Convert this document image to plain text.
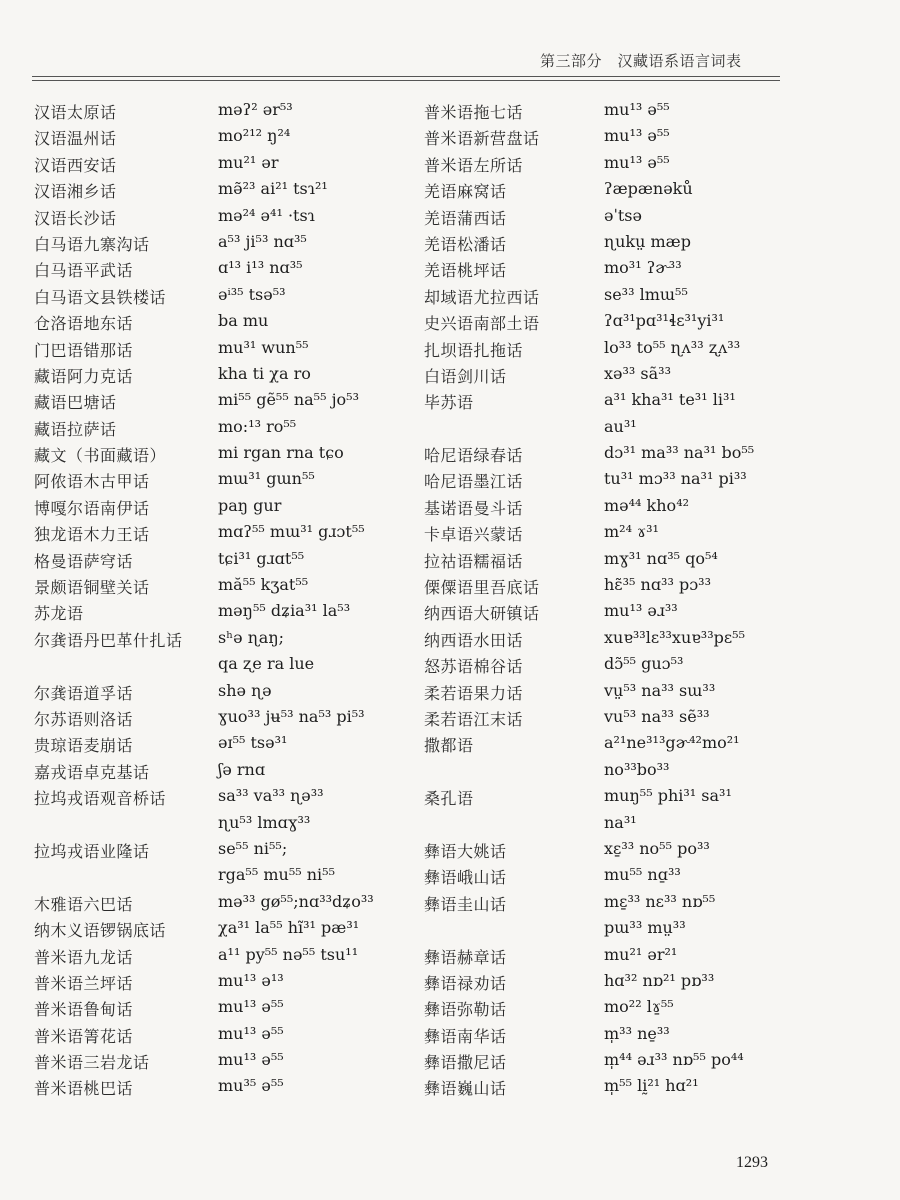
第三部分　汉藏语系语言词表
汉语太原话	məʔ² ər⁵³
汉语温州话	mo²¹² ŋ²⁴
汉语西安话	mu²¹ ər
汉语湘乡话	mə̃²³ ai²¹ tsɿ²¹
汉语长沙话	mə²⁴ ə⁴¹ ·tsɿ
白马语九寨沟话	a⁵³ ji⁵³ nɑ³⁵
白马语平武话	ɑ¹³ i¹³ nɑ³⁵
白马语文县铁楼话	əⁱ³⁵ tsə⁵³
仓洛语地东话	ba mu
门巴语错那话	mu³¹ wun⁵⁵
藏语阿力克话	kha ti χa ro
藏语巴塘话	mi⁵⁵ gẽ⁵⁵ na⁵⁵ jo⁵³
藏语拉萨话	mo:¹³ ro⁵⁵
藏文（书面藏语）	mi rgan rna tɕo
阿侬语木古甲话	mɯ³¹ gɯn⁵⁵
博嘎尔语南伊话	paŋ gur
独龙语木力王话	mɑʔ⁵⁵ mɯ³¹ gɹɔt⁵⁵
格曼语萨穹话	tɕi³¹ gɹɑt⁵⁵
景颇语铜壁关话	mă⁵⁵ kʒat⁵⁵
苏龙语	məŋ⁵⁵ dʑia³¹ la⁵³
尔龚语丹巴革什扎话 sʰə ɳaŋ;
qa ʐe ra lue
尔龚语道孚话	shə ɳə
尔苏语则洛话	ɣuo³³ jʉ⁵³ na⁵³ pi⁵³
贵琼语麦崩话	əɪ⁵⁵ tsə³¹
嘉戎语卓克基话	ʃə rnɑ
拉坞戎语观音桥话	sa³³ va³³ ɳə³³
ɳu⁵³ lmɑɣ³³
拉坞戎语业隆话	se⁵⁵ ni⁵⁵;
rga⁵⁵ mu⁵⁵ ni⁵⁵
木雅语六巴话	mə³³ gø⁵⁵;nɑ³³dʑo³³
纳木义语锣锅底话	χa³¹ la⁵⁵ hĩ³¹ pæ³¹
普米语九龙话	a¹¹ py⁵⁵ nə⁵⁵ tsu¹¹
普米语兰坪话	mu¹³ ə¹³
普米语鲁甸话	mu¹³ ə⁵⁵
普米语箐花话	mu¹³ ə⁵⁵
普米语三岩龙话	mu¹³ ə⁵⁵
普米语桃巴话	mu³⁵ ə⁵⁵
普米语拖七话	mu¹³ ə⁵⁵
普米语新营盘话	mu¹³ ə⁵⁵
普米语左所话	mu¹³ ə⁵⁵
羌语麻窝话	ʔæpænəků
羌语蒲西话	əˈtsə
羌语松潘话	ɳukṳ mæp
羌语桃坪话	mo³¹ ʔɚ³³
却域语尤拉西话	se³³ lmɯ⁵⁵
史兴语南部土语	ʔɑ³¹pɑ³¹ɬɛ³¹yi³¹
扎坝语扎拖话	lo³³ to⁵⁵ ɳʌ³³ ʐʌ³³
白语剑川话	xə³³ sã³³
毕苏语	a³¹ kha³¹ te³¹ li³¹
au³¹
哈尼语绿春话	dɔ³¹ ma³³ na³¹ bo⁵⁵
哈尼语墨江话	tu³¹ mɔ³³ na³¹ pi³³
基诺语曼斗话	mə⁴⁴ kho⁴²
卡卓语兴蒙话	m²⁴ ɤ³¹
拉祜语糯福话	mɣ³¹ nɑ³⁵ qo⁵⁴
傈僳语里吾底话	hɛ̃³⁵ nɑ³³ pɔ³³
纳西语大研镇话	mu¹³ əɹ³³
纳西语水田话	xuɐ³³lɛ³³xuɐ³³pɛ⁵⁵
怒苏语棉谷话	dɔ̃⁵⁵ guɔ⁵³
柔若语果力话	vṳ⁵³ na³³ sɯ³³
柔若语江末话	vu⁵³ na³³ sẽ³³
撒都语	a²¹ne³¹³gɚ⁴²mo²¹
no³³bo³³
桑孔语	muŋ⁵⁵ phi³¹ sa³¹
na³¹
彝语大姚话	xɛ̱³³ no⁵⁵ po³³
彝语峨山话	mu⁵⁵ nɑ̱³³
彝语圭山话	mɛ̱³³ nɛ³³ nɒ⁵⁵
pɯ³³ mṳ³³
彝语赫章话	mu²¹ ər²¹
彝语禄劝话	hɑ³² nɒ²¹ pɒ³³
彝语弥勒话	mo²² lɤ̱⁵⁵
彝语南华话	m̩³³ ne̱³³
彝语撒尼话	m̩⁴⁴ əɹ³³ nɒ⁵⁵ po⁴⁴
彝语巍山话	m̩⁵⁵ lḭ²¹ hɑ²¹
1293
